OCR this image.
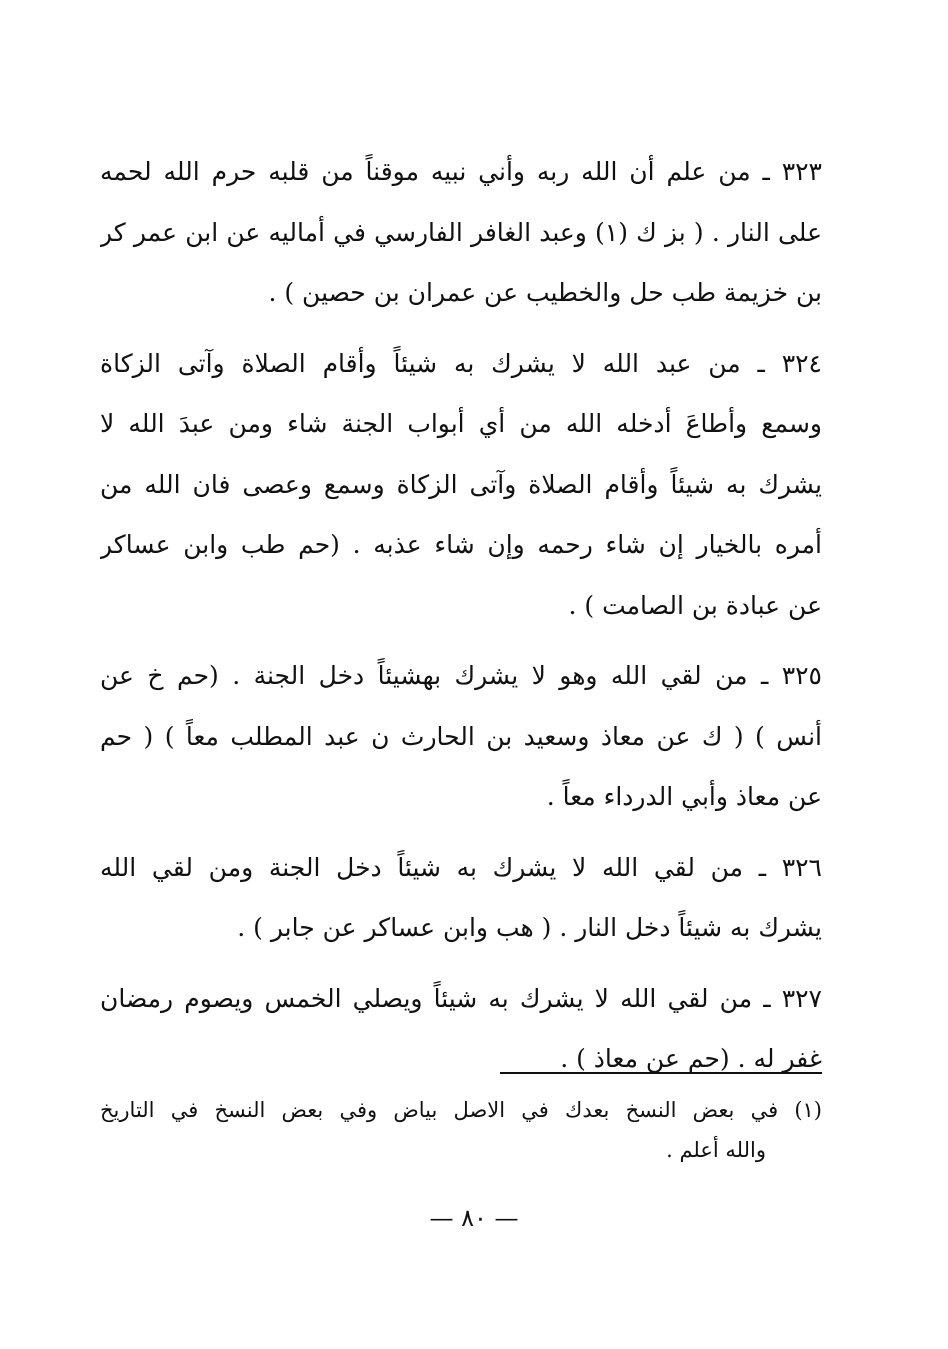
٣٢٣ ـ من علم أن الله ربه وأني نبيه موقناً من قلبه حرم الله لحمه
على النار . ( بز ك (١) وعبد الغافر الفارسي في أماليه عن ابن عمر كر
بن خزيمة طب حل والخطيب عن عمران بن حصين ) .

٣٢٤ ـ من عبد الله لا يشرك به شيئاً وأقام الصلاة وآتى الزكاة
وسمع وأطاعَ أدخله الله من أي أبواب الجنة شاء ومن عبدَ الله لا
يشرك به شيئاً وأقام الصلاة وآتى الزكاة وسمع وعصى فان الله من
أمره بالخيار إن شاء رحمه وإن شاء عذبه . (حم طب وابن عساكر
عن عبادة بن الصامت ) .

٣٢٥ ـ من لقي الله وهو لا يشرك بهشيئاً دخل الجنة . (حم خ عن
أنس ) ( ك عن معاذ وسعيد بن الحارث ن عبد المطلب معاً ) ( حم
عن معاذ وأبي الدرداء معاً .

٣٢٦ ـ من لقي الله لا يشرك به شيئاً دخل الجنة ومن لقي الله
يشرك به شيئاً دخل النار . ( هب وابن عساكر عن جابر ) .

٣٢٧ ـ من لقي الله لا يشرك به شيئاً ويصلي الخمس ويصوم رمضان
غفر له . (حم عن معاذ ) .

(١) في بعض النسخ بعدك في الاصل بياض وفي بعض النسخ في التاريخ
والله أعلم .
— ٨٠ —
